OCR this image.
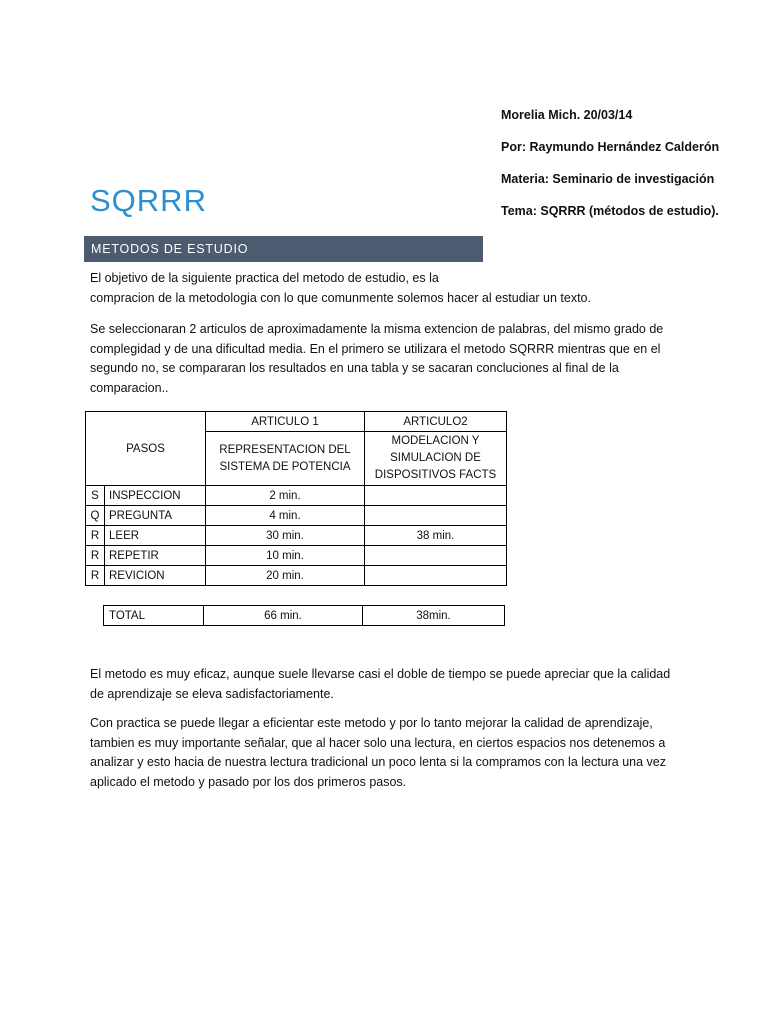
Morelia Mich. 20/03/14
Por: Raymundo Hernández Calderón
Materia: Seminario de investigación
Tema: SQRRR (métodos de estudio).
SQRRR
METODOS DE ESTUDIO
El objetivo de la siguiente practica del metodo de estudio, es la
compracion de la metodologia con lo que comunmente solemos hacer al estudiar un texto.
Se seleccionaran 2 articulos de aproximadamente la misma extencion de palabras, del mismo grado de complegidad y de una dificultad media. En el primero se utilizara el metodo SQRRR mientras que en el segundo no, se compararan los resultados en una tabla y se sacaran concluciones al final de la comparacion..
PASOS		ARTICULO 1	ARTICULO2
		REPRESENTACION DEL SISTEMA DE POTENCIA	MODELACION Y SIMULACION DE DISPOSITIVOS FACTS
S	INSPECCION	2 min.	
Q	PREGUNTA	4 min.	
R	LEER	30 min.	38 min.
R	REPETIR	10 min.	
R	REVICION	20 min.	
TOTAL	66 min.	38min.
El metodo es muy eficaz, aunque suele llevarse casi el doble de tiempo se puede apreciar que la calidad de aprendizaje se eleva sadisfactoriamente.
Con practica se puede llegar a eficientar este metodo y por lo tanto mejorar la calidad de aprendizaje, tambien es muy importante señalar, que al hacer solo una lectura, en ciertos espacios nos detenemos a analizar y esto hacia de nuestra lectura tradicional un poco lenta si la compramos con la lectura una vez aplicado el metodo y pasado por los dos primeros pasos.
